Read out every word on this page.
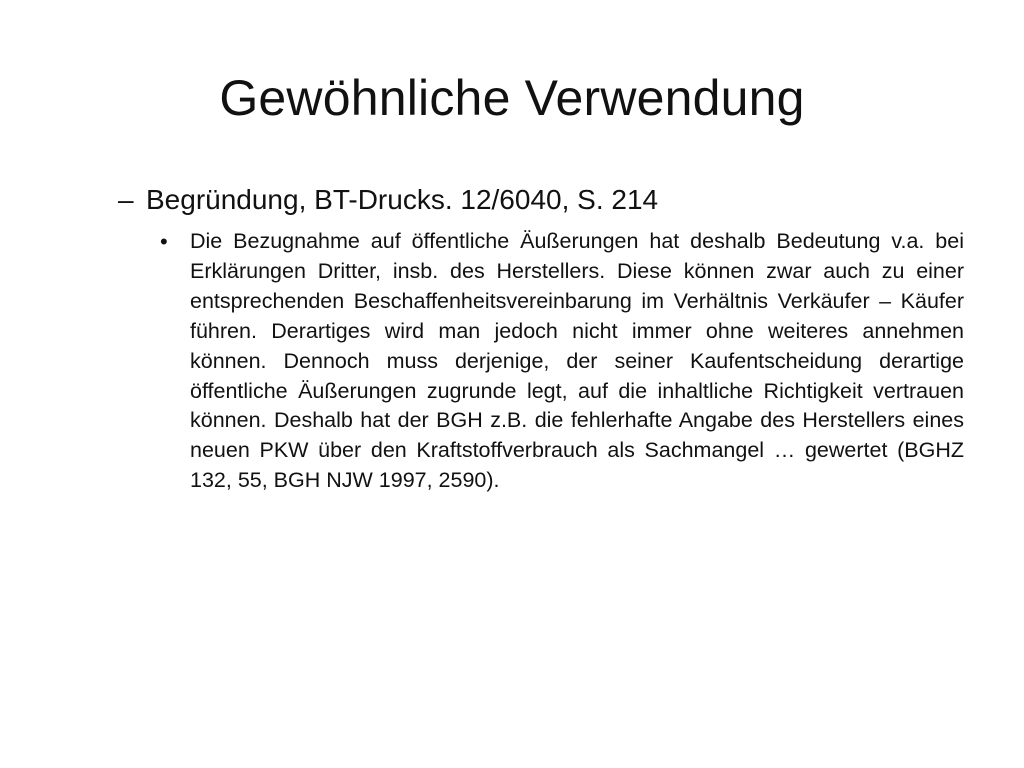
Gewöhnliche Verwendung
– Begründung, BT-Drucks. 12/6040, S. 214
•	Die Bezugnahme auf öffentliche Äußerungen hat deshalb Bedeutung v.a. bei Erklärungen Dritter, insb. des Herstellers. Diese können zwar auch zu einer entsprechenden Beschaffenheitsvereinbarung im Verhältnis Verkäufer – Käufer führen. Derartiges wird man jedoch nicht immer ohne weiteres annehmen können. Dennoch muss derjenige, der seiner Kaufentscheidung derartige öffentliche Äußerungen zugrunde legt, auf die inhaltliche Richtigkeit vertrauen können. Deshalb hat der BGH z.B. die fehlerhafte Angabe des Herstellers eines neuen PKW über den Kraftstoffverbrauch als Sachmangel … gewertet (BGHZ 132, 55, BGH NJW 1997, 2590).
